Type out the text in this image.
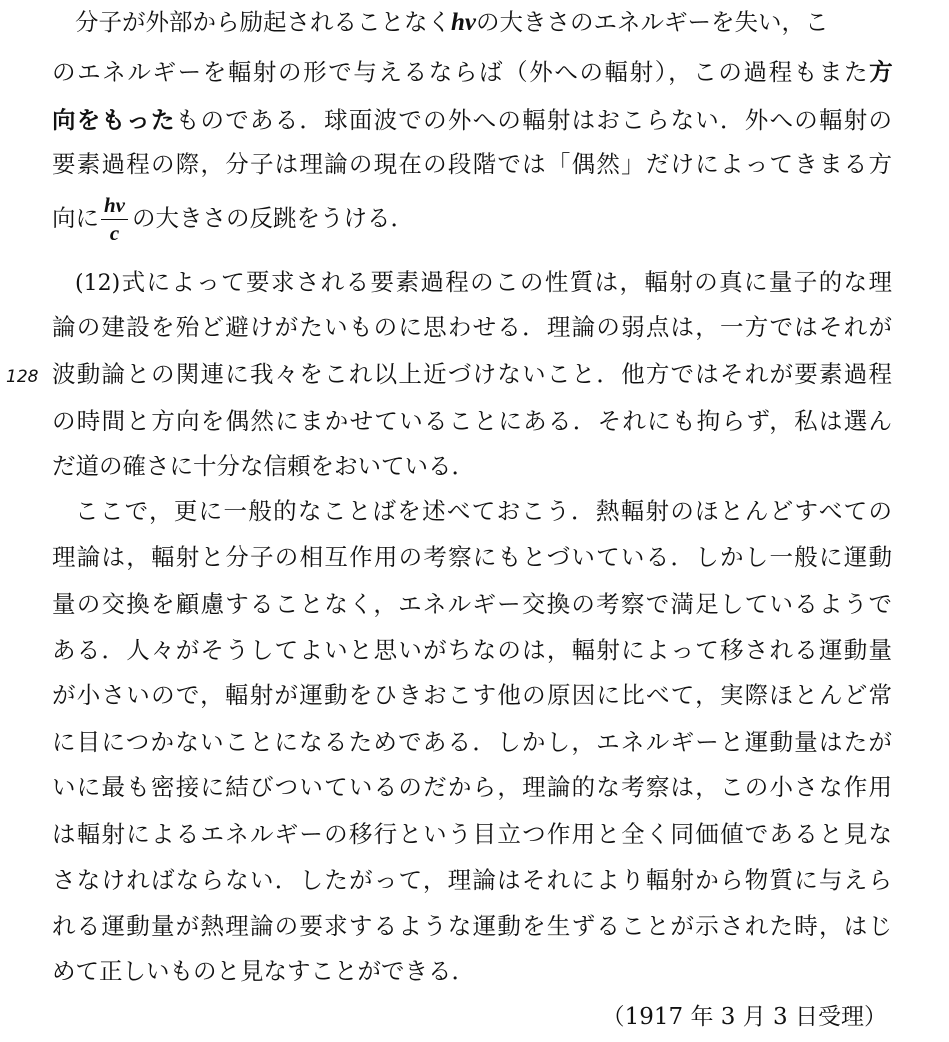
分子が外部から励起されることなくhνの大きさのエネルギーを失い，こ
のエネルギーを輻射の形で与えるならば（外への輻射），この過程もまた方
向をもったものである．球面波での外への輻射はおこらない．外への輻射の
要素過程の際，分子は理論の現在の段階では「偶然」だけによってきまる方
向に $\frac{h\nu}{c}$ の大きさの反跳をうける．
(12)式によって要求される要素過程のこの性質は，輻射の真に量子的な理
論の建設を殆ど避けがたいものに思わせる．理論の弱点は，一方ではそれが
128 波動論との関連に我々をこれ以上近づけないこと．他方ではそれが要素過程
の時間と方向を偶然にまかせていることにある．それにも拘らず，私は選ん
だ道の確さに十分な信頼をおいている．
ここで，更に一般的なことばを述べておこう．熱輻射のほとんどすべての
理論は，輻射と分子の相互作用の考察にもとづいている．しかし一般に運動
量の交換を顧慮することなく，エネルギー交換の考察で満足しているようで
ある．人々がそうしてよいと思いがちなのは，輻射によって移される運動量
が小さいので，輻射が運動をひきおこす他の原因に比べて，実際ほとんど常
に目につかないことになるためである．しかし，エネルギーと運動量はたが
いに最も密接に結びついているのだから，理論的な考察は，この小さな作用
は輻射によるエネルギーの移行という目立つ作用と全く同価値であると見な
さなければならない．したがって，理論はそれにより輻射から物質に与えら
れる運動量が熱理論の要求するような運動を生ずることが示された時，はじ
めて正しいものと見なすことができる．
（1917 年 3 月 3 日受理）
